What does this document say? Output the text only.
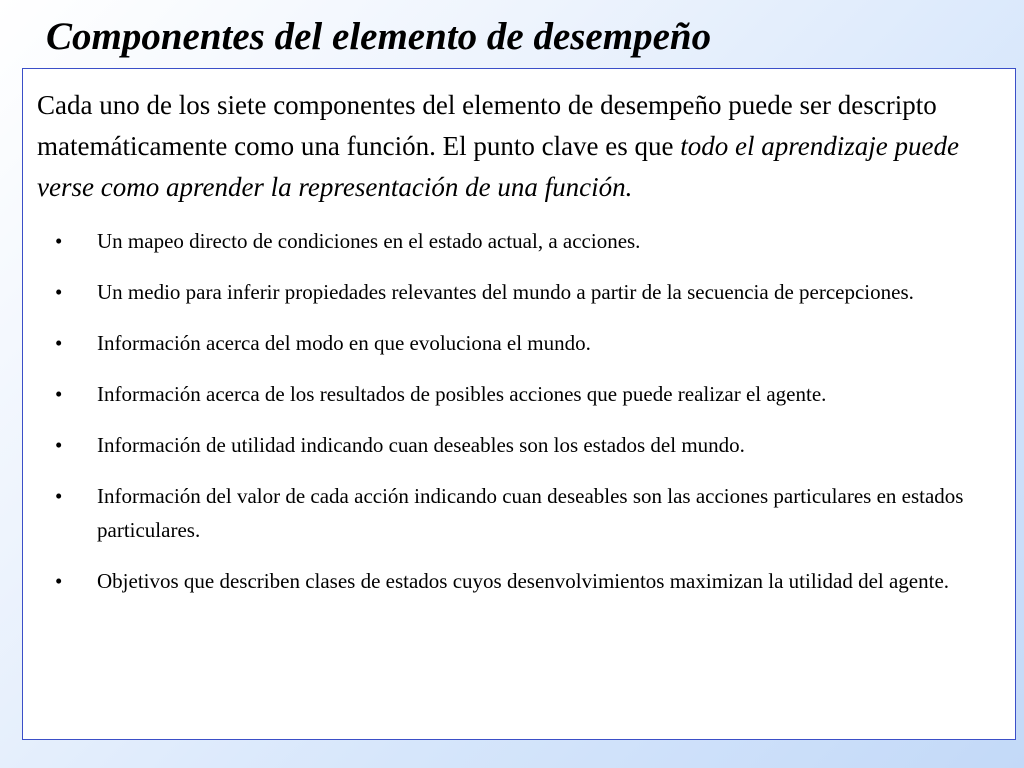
Componentes del elemento de desempeño

Cada uno de los siete componentes del elemento de desempeño puede ser descripto matemáticamente como una función. El punto clave es que todo el aprendizaje puede verse como aprender la representación de una función.

• Un mapeo directo de condiciones en el estado actual, a acciones.
• Un medio para inferir propiedades relevantes del mundo a partir de la secuencia de percepciones.
• Información acerca del modo en que evoluciona el mundo.
• Información acerca de los resultados de posibles acciones que puede realizar el agente.
• Información de utilidad indicando cuan deseables son los estados del mundo.
• Información del valor de cada acción indicando cuan deseables son las acciones particulares en estados particulares.
• Objetivos que describen clases de estados cuyos desenvolvimientos maximizan la utilidad del agente.
